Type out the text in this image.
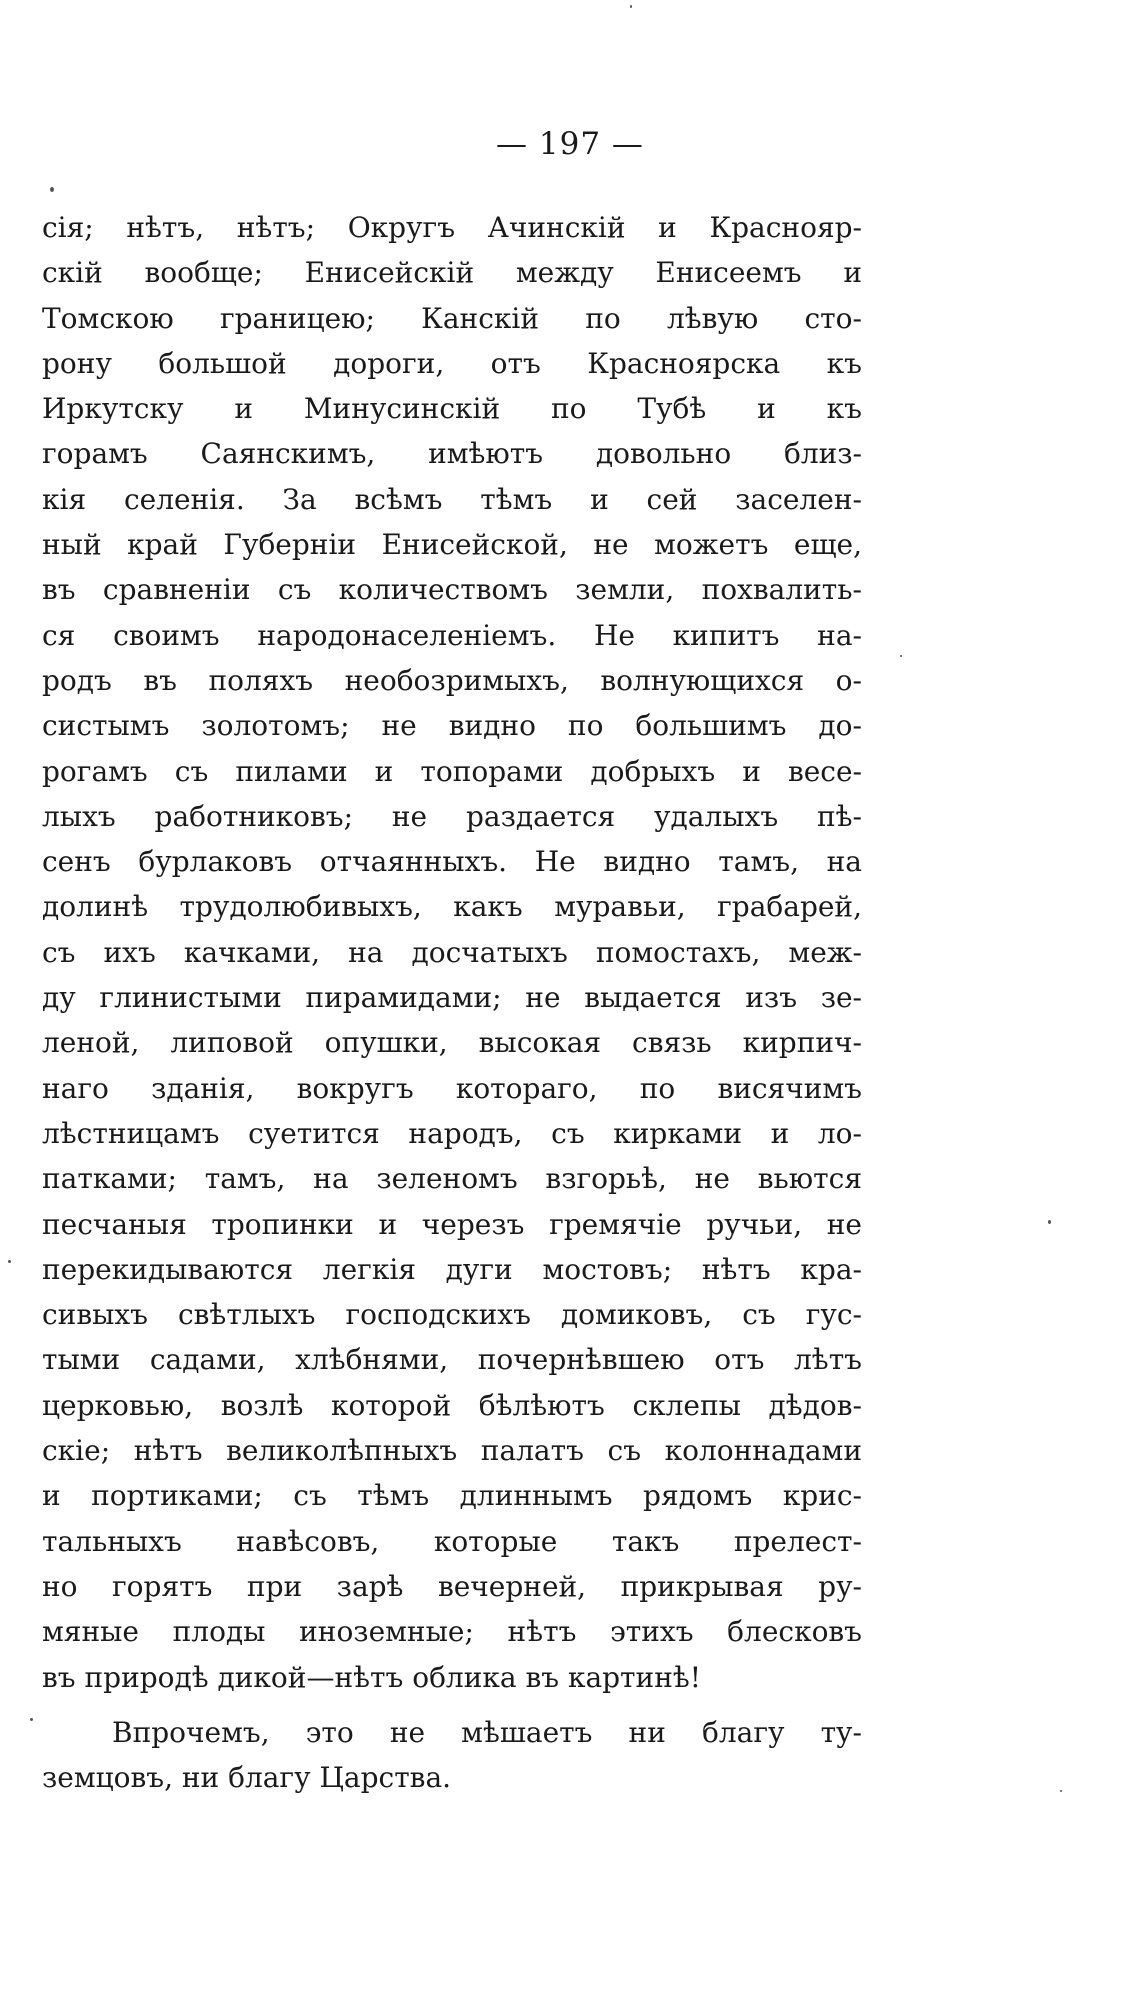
— 197 —
сія; нѣтъ, нѣтъ; Округъ Ачинскій и Краснояр-
скій вообще; Енисейскій между Енисеемъ и
Томскою границею; Канскій по лѣвую сто-
рону большой дороги, отъ Красноярска къ
Иркутску и Минусинскій по Тубѣ и къ
горамъ Саянскимъ, имѣютъ довольно близ-
кія селенія. За всѣмъ тѣмъ и сей заселен-
ный край Губерніи Енисейской, не можетъ еще,
въ сравненіи съ количествомъ земли, похвалить-
ся своимъ народонаселеніемъ. Не кипитъ на-
родъ въ поляхъ необозримыхъ, волнующихся о-
систымъ золотомъ; не видно по большимъ до-
рогамъ съ пилами и топорами добрыхъ и весе-
лыхъ работниковъ; не раздается удалыхъ пѣ-
сенъ бурлаковъ отчаянныхъ. Не видно тамъ, на
долинѣ трудолюбивыхъ, какъ муравьи, грабарей,
съ ихъ качками, на досчатыхъ помостахъ, меж-
ду глинистыми пирамидами; не выдается изъ зе-
леной, липовой опушки, высокая связь кирпич-
наго зданія, вокругъ котораго, по висячимъ
лѣстницамъ суетится народъ, съ кирками и ло-
патками; тамъ, на зеленомъ взгорьѣ, не вьются
песчаныя тропинки и черезъ гремячіе ручьи, не
перекидываются легкія дуги мостовъ; нѣтъ кра-
сивыхъ свѣтлыхъ господскихъ домиковъ, съ гус-
тыми садами, хлѣбнями, почернѣвшею отъ лѣтъ
церковью, возлѣ которой бѣлѣютъ склепы дѣдов-
скіе; нѣтъ великолѣпныхъ палатъ съ колоннадами
и портиками; съ тѣмъ длиннымъ рядомъ крис-
тальныхъ навѣсовъ, которые такъ прелест-
но горятъ при зарѣ вечерней, прикрывая ру-
мяные плоды иноземные; нѣтъ этихъ блесковъ
въ природѣ дикой—нѣтъ облика въ картинѣ!
Впрочемъ, это не мѣшаетъ ни благу ту-
земцовъ, ни благу Царства.
